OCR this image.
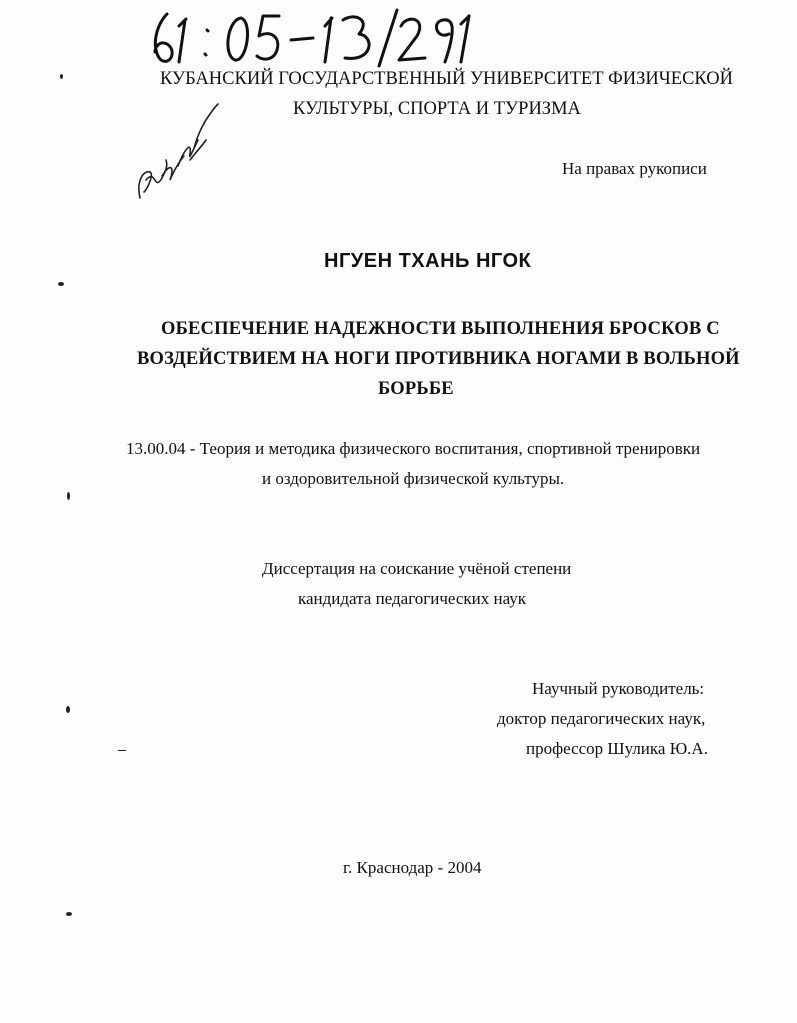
КУБАНСКИЙ ГОСУДАРСТВЕННЫЙ УНИВЕРСИТЕТ ФИЗИЧЕСКОЙ
КУЛЬТУРЫ, СПОРТА И ТУРИЗМА
На правах рукописи
НГУЕН ТХАНЬ НГОК
ОБЕСПЕЧЕНИЕ НАДЕЖНОСТИ ВЫПОЛНЕНИЯ БРОСКОВ С
ВОЗДЕЙСТВИЕМ НА НОГИ ПРОТИВНИКА НОГАМИ В ВОЛЬНОЙ
БОРЬБЕ
13.00.04 - Теория и методика физического воспитания, спортивной тренировки
и оздоровительной физической культуры.
Диссертация на соискание учёной степени
кандидата педагогических наук
Научный руководитель:
доктор педагогических наук,
профессор Шулика Ю.А.
г. Краснодар - 2004
